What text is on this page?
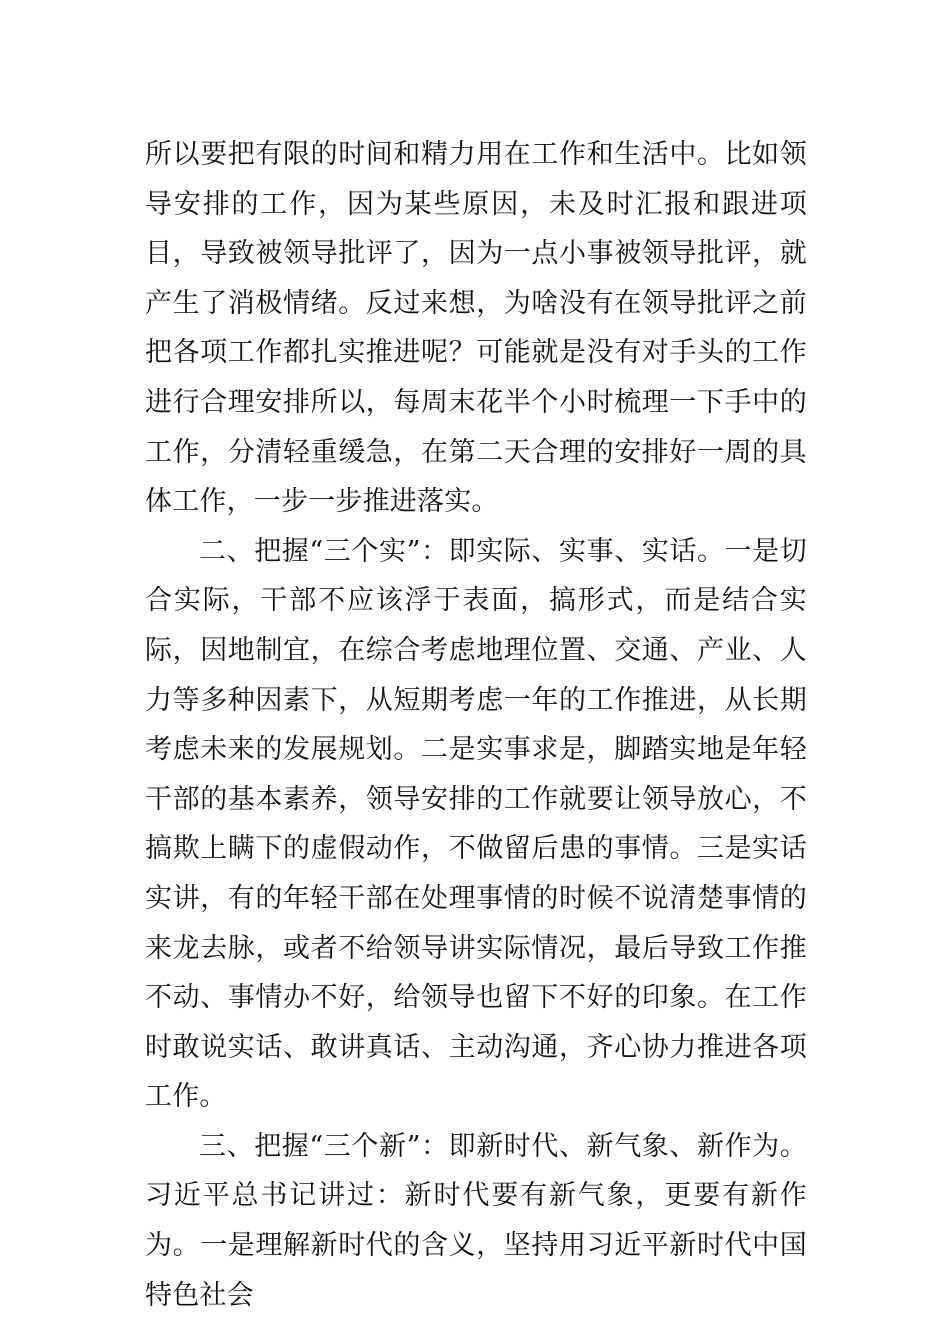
所以要把有限的时间和精力用在工作和生活中。比如领导安排的工作，因为某些原因，未及时汇报和跟进项目，导致被领导批评了，因为一点小事被领导批评，就产生了消极情绪。反过来想，为啥没有在领导批评之前把各项工作都扎实推进呢？可能就是没有对手头的工作进行合理安排所以，每周末花半个小时梳理一下手中的工作，分清轻重缓急，在第二天合理的安排好一周的具体工作，一步一步推进落实。

二、把握“三个实”：即实际、实事、实话。一是切合实际，干部不应该浮于表面，搞形式，而是结合实际，因地制宜，在综合考虑地理位置、交通、产业、人力等多种因素下，从短期考虑一年的工作推进，从长期考虑未来的发展规划。二是实事求是，脚踏实地是年轻干部的基本素养，领导安排的工作就要让领导放心，不搞欺上瞒下的虚假动作，不做留后患的事情。三是实话实讲，有的年轻干部在处理事情的时候不说清楚事情的来龙去脉，或者不给领导讲实际情况，最后导致工作推不动、事情办不好，给领导也留下不好的印象。在工作时敢说实话、敢讲真话、主动沟通，齐心协力推进各项工作。

三、把握“三个新”：即新时代、新气象、新作为。习近平总书记讲过：新时代要有新气象，更要有新作为。一是理解新时代的含义，坚持用习近平新时代中国特色社会
